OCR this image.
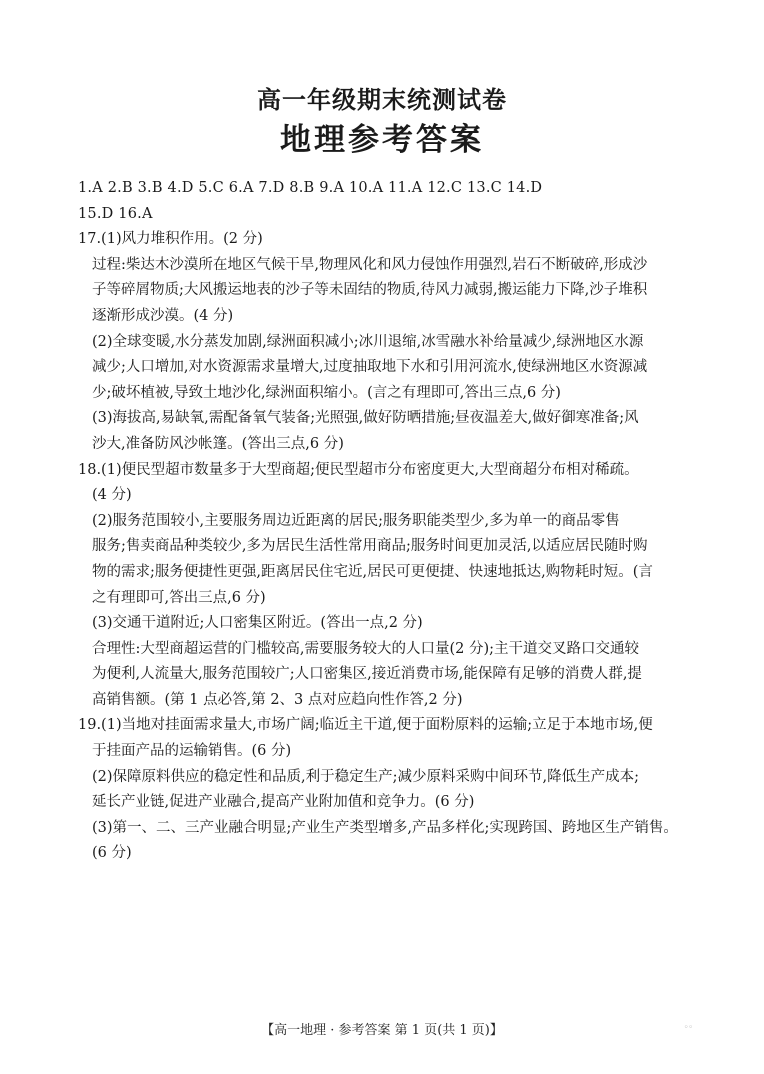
高一年级期末统测试卷
地理参考答案
1.A 2.B 3.B 4.D 5.C 6.A 7.D 8.B 9.A 10.A 11.A 12.C 13.C 14.D
15.D 16.A
17.(1)风力堆积作用。(2 分)
过程:柴达木沙漠所在地区气候干旱,物理风化和风力侵蚀作用强烈,岩石不断破碎,形成沙
子等碎屑物质;大风搬运地表的沙子等未固结的物质,待风力减弱,搬运能力下降,沙子堆积
逐渐形成沙漠。(4 分)
(2)全球变暖,水分蒸发加剧,绿洲面积减小;冰川退缩,冰雪融水补给量减少,绿洲地区水源
减少;人口增加,对水资源需求量增大,过度抽取地下水和引用河流水,使绿洲地区水资源减
少;破坏植被,导致土地沙化,绿洲面积缩小。(言之有理即可,答出三点,6 分)
(3)海拔高,易缺氧,需配备氧气装备;光照强,做好防晒措施;昼夜温差大,做好御寒准备;风
沙大,准备防风沙帐篷。(答出三点,6 分)
18.(1)便民型超市数量多于大型商超;便民型超市分布密度更大,大型商超分布相对稀疏。
(4 分)
(2)服务范围较小,主要服务周边近距离的居民;服务职能类型少,多为单一的商品零售
服务;售卖商品种类较少,多为居民生活性常用商品;服务时间更加灵活,以适应居民随时购
物的需求;服务便捷性更强,距离居民住宅近,居民可更便捷、快速地抵达,购物耗时短。(言
之有理即可,答出三点,6 分)
(3)交通干道附近;人口密集区附近。(答出一点,2 分)
合理性:大型商超运营的门槛较高,需要服务较大的人口量(2 分);主干道交叉路口交通较
为便利,人流量大,服务范围较广;人口密集区,接近消费市场,能保障有足够的消费人群,提
高销售额。(第 1 点必答,第 2、3 点对应趋向性作答,2 分)
19.(1)当地对挂面需求量大,市场广阔;临近主干道,便于面粉原料的运输;立足于本地市场,便
于挂面产品的运输销售。(6 分)
(2)保障原料供应的稳定性和品质,利于稳定生产;减少原料采购中间环节,降低生产成本;
延长产业链,促进产业融合,提高产业附加值和竞争力。(6 分)
(3)第一、二、三产业融合明显;产业生产类型增多,产品多样化;实现跨国、跨地区生产销售。
(6 分)
【高一地理 · 参考答案 第 1 页(共 1 页)】	。。
